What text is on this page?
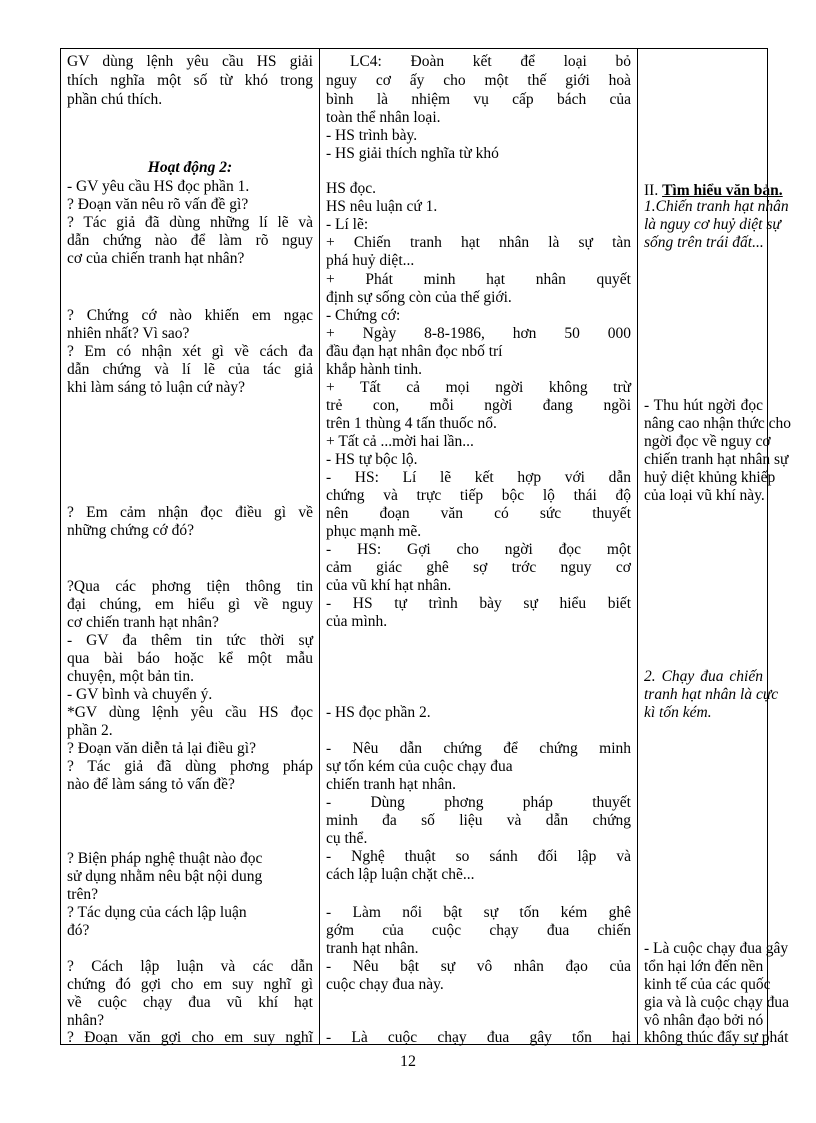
GV dùng lệnh yêu cầu HS giải
thích nghĩa một số từ khó trong
phần chú thích.
Hoạt động 2:
- GV yêu cầu HS đọc phần 1.
? Đoạn văn nêu rõ vấn đề gì?
? Tác giả đã dùng những lí lẽ và
dẫn chứng nào để làm rõ nguy
cơ của chiến tranh hạt nhân?
? Chứng cớ nào khiến em ngạc
nhiên nhất? Vì sao?
? Em có nhận xét gì về cách đa
dẫn chứng và lí lẽ của tác giả
khi làm sáng tỏ luận cứ này?
? Em cảm nhận đọc điều gì về
những chứng cớ đó?
?Qua các phơng tiện thông tin
đại chúng, em hiểu gì về nguy
cơ chiến tranh hạt nhân?
- GV đa thêm tin tức thời sự
qua bài báo hoặc kể một mẫu
chuyện, một bản tin.
- GV bình và chuyển ý.
*GV dùng lệnh yêu cầu HS đọc
phần 2.
? Đoạn văn diễn tả lại điều gì?
? Tác giả đã dùng phơng pháp
nào để làm sáng tỏ vấn đề?
? Biện pháp nghệ thuật nào đọc
sử dụng nhằm nêu bật nội dung
trên?
? Tác dụng của cách lập luận
đó?
? Cách lập luận và các dẫn
chứng đó gợi cho em suy nghĩ gì
về cuộc chạy đua vũ khí hạt
nhân?
? Đoạn văn gợi cho em suy nghĩ
LC4: Đoàn kết để loại bỏ
nguy cơ ấy cho một thế giới hoà
bình là nhiệm vụ cấp bách của
toàn thể nhân loại.
- HS trình bày.
- HS giải thích nghĩa từ khó
HS đọc.
HS nêu luận cứ 1.
- Lí lẽ:
+ Chiến tranh hạt nhân là sự tàn
phá huỷ diệt...
+ Phát minh hạt nhân quyết
định sự sống còn của thế giới.
- Chứng cớ:
+ Ngày 8-8-1986, hơn 50 000
đầu đạn hạt nhân đọc nbố trí
khắp hành tinh.
+ Tất cả mọi ngời không trừ
trẻ con, mỗi ngời đang ngồi
trên 1 thùng 4 tấn thuốc nổ.
+ Tất cả ...mời hai lần...
- HS tự bộc lộ.
- HS: Lí lẽ kết hợp với dẫn
chứng và trực tiếp bộc lộ thái độ
nên đoạn văn có sức thuyết
phục mạnh mẽ.
- HS: Gợi cho ngời đọc một
cảm giác ghê sợ trớc nguy cơ
của vũ khí hạt nhân.
- HS tự trình bày sự hiểu biết
của mình.
- HS đọc phần 2.
- Nêu dẫn chứng để chứng minh
sự tốn kém của cuộc chạy đua
chiến tranh hạt nhân.
- Dùng phơng pháp thuyết
minh đa số liệu và dẫn chứng
cụ thể.
- Nghệ thuật so sánh đối lập và
cách lập luận chặt chẽ...
- Làm nổi bật sự tốn kém ghê
gớm của cuộc chạy đua chiến
tranh hạt nhân.
- Nêu bật sự vô nhân đạo của
cuộc chạy đua này.
- Là cuộc chạy đua gây tổn hại
II. Tìm hiểu văn bản.
1.Chiến tranh hạt nhân
là nguy cơ huỷ diệt sự
sống trên trái đất...
- Thu hút ngời đọc
nâng cao nhận thức cho
ngời đọc về nguy cơ
chiến tranh hạt nhân sự
huỷ diệt khủng khiếp
của loại vũ khí này.
2. Chạy đua chiến
tranh hạt nhân là cực
kì tốn kém.
- Là cuộc chạy đua gây
tổn hại lớn đến nền
kinh tế của các quốc
gia và là cuộc chạy đua
vô nhân đạo bởi nó
không thúc đẩy sự phát
12
